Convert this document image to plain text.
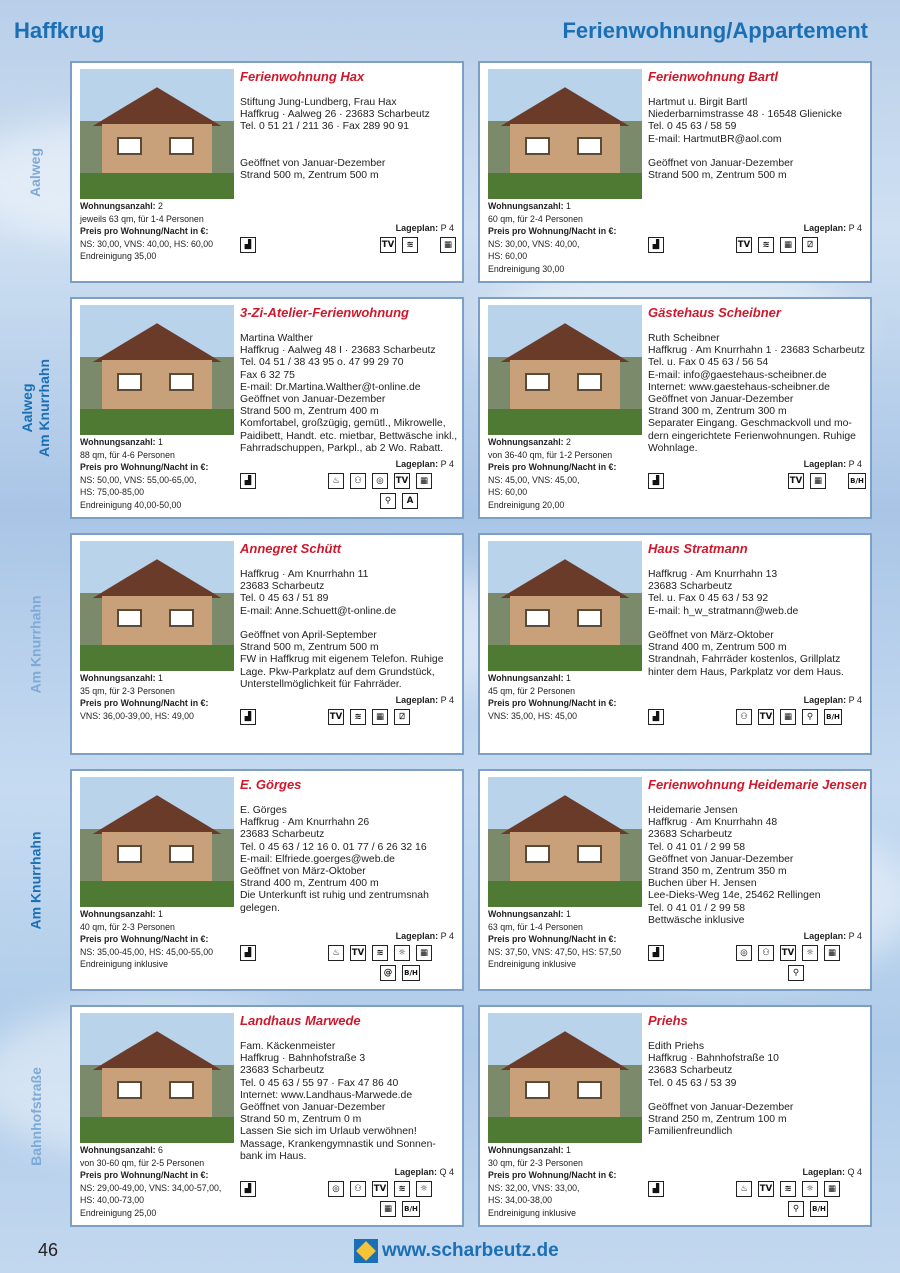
Haffkrug	Ferienwohnung/Appartement
Aalweg
Aalweg
Am Knurrhahn
Am Knurrhahn
Am Knurrhahn
Bahnhofstraße
Ferienwohnung Hax
Stiftung Jung-Lundberg, Frau Hax
Haffkrug · Aalweg 26 · 23683 Scharbeutz
Tel. 0 51 21 / 211 36 · Fax 289 90 91

Geöffnet von Januar-Dezember
Strand 500 m, Zentrum 500 m
Wohnungsanzahl: 2
jeweils 63 qm, für 1-4 Personen
Preis pro Wohnung/Nacht in €:
NS: 30,00, VNS: 40,00, HS: 60,00
Endreinigung 35,00
Lageplan: P 4
▟	TV	≋	▦
Ferienwohnung Bartl
Hartmut u. Birgit Bartl
Niederbarnimstrasse 48 · 16548 Glienicke
Tel. 0 45 63 / 58 59
E-mail: HartmutBR@aol.com

Geöffnet von Januar-Dezember
Strand 500 m, Zentrum 500 m
Wohnungsanzahl: 1
60 qm, für 2-4 Personen
Preis pro Wohnung/Nacht in €:
NS: 30,00, VNS: 40,00,
HS: 60,00
Endreinigung 30,00
Lageplan: P 4
▟	TV	≋	▦	⍁
3-Zi-Atelier-Ferienwohnung
Martina Walther
Haffkrug · Aalweg 48 I · 23683 Scharbeutz
Tel. 04 51 / 38 43 95 o. 47 99 29 70
Fax 6 32 75
E-mail: Dr.Martina.Walther@t-online.de
Geöffnet von Januar-Dezember
Strand 500 m, Zentrum 400 m
Komfortabel, großzügig, gemütl., Mikrowelle,
Paidibett, Handt. etc. mietbar, Bettwäsche inkl.,
Fahrradschuppen, Parkpl., ab 2 Wo. Rabatt.
Wohnungsanzahl: 1
88 qm, für 4-6 Personen
Preis pro Wohnung/Nacht in €:
NS: 50,00, VNS: 55,00-65,00,
HS: 75,00-85,00
Endreinigung 40,00-50,00
Lageplan: P 4
▟	♨	⚇	◎	TV	▦
⚲	A
Gästehaus Scheibner
Ruth Scheibner
Haffkrug · Am Knurrhahn 1 · 23683 Scharbeutz
Tel. u. Fax 0 45 63 / 56 54
E-mail: info@gaestehaus-scheibner.de
Internet: www.gaestehaus-scheibner.de
Geöffnet von Januar-Dezember
Strand 300 m, Zentrum 300 m
Separater Eingang. Geschmackvoll und mo-
dern eingerichtete Ferienwohnungen. Ruhige
Wohnlage.
Wohnungsanzahl: 2
von 36-40 qm, für 1-2 Personen
Preis pro Wohnung/Nacht in €:
NS: 45,00, VNS: 45,00,
HS: 60,00
Endreinigung 20,00
Lageplan: P 4
▟	TV	▦	B/H
Annegret Schütt
Haffkrug · Am Knurrhahn 11
23683 Scharbeutz
Tel. 0 45 63 / 51 89
E-mail: Anne.Schuett@t-online.de

Geöffnet von April-September
Strand 500 m, Zentrum 500 m
FW in Haffkrug mit eigenem Telefon. Ruhige
Lage. Pkw-Parkplatz auf dem Grundstück,
Unterstellmöglichkeit für Fahrräder.
Wohnungsanzahl: 1
35 qm, für 2-3 Personen
Preis pro Wohnung/Nacht in €:
VNS: 36,00-39,00, HS: 49,00
Lageplan: P 4
▟	TV	≋	▦	⍁
Haus Stratmann
Haffkrug · Am Knurrhahn 13
23683 Scharbeutz
Tel. u. Fax 0 45 63 / 53 92
E-mail: h_w_stratmann@web.de

Geöffnet von März-Oktober
Strand 400 m, Zentrum 500 m
Strandnah, Fahrräder kostenlos, Grillplatz
hinter dem Haus, Parkplatz vor dem Haus.
Wohnungsanzahl: 1
45 qm, für 2 Personen
Preis pro Wohnung/Nacht in €:
VNS: 35,00, HS: 45,00
Lageplan: P 4
▟	⚇	TV	▦	⚲	B/H
E. Görges
E. Görges
Haffkrug · Am Knurrhahn 26
23683 Scharbeutz
Tel. 0 45 63 / 12 16 0. 01 77 / 6 26 32 16
E-mail: Elfriede.goerges@web.de
Geöffnet von März-Oktober
Strand 400 m, Zentrum 400 m
Die Unterkunft ist ruhig und zentrumsnah
gelegen.
Wohnungsanzahl: 1
40 qm, für 2-3 Personen
Preis pro Wohnung/Nacht in €:
NS: 35,00-45,00, HS: 45,00-55,00
Endreinigung inklusive
Lageplan: P 4
▟	♨	TV	≋	☼	▦
@	B/H
Ferienwohnung Heidemarie Jensen
Heidemarie Jensen
Haffkrug · Am Knurrhahn 48
23683 Scharbeutz
Tel. 0 41 01 / 2 99 58
Geöffnet von Januar-Dezember
Strand 350 m, Zentrum 350 m
Buchen über H. Jensen
Lee-Dieks-Weg 14e, 25462 Rellingen
Tel. 0 41 01 / 2 99 58
Bettwäsche inklusive
Wohnungsanzahl: 1
63 qm, für 1-4 Personen
Preis pro Wohnung/Nacht in €:
NS: 37,50, VNS: 47,50, HS: 57,50
Endreinigung inklusive
Lageplan: P 4
▟	◎	⚇	TV	☼	▦
⚲
Landhaus Marwede
Fam. Käckenmeister
Haffkrug · Bahnhofstraße 3
23683 Scharbeutz
Tel. 0 45 63 / 55 97 · Fax 47 86 40
Internet: www.Landhaus-Marwede.de
Geöffnet von Januar-Dezember
Strand 50 m, Zentrum 0 m
Lassen Sie sich im Urlaub verwöhnen!
Massage, Krankengymnastik und Sonnen-
bank im Haus.
Wohnungsanzahl: 6
von 30-60 qm, für 2-5 Personen
Preis pro Wohnung/Nacht in €:
NS: 29,00-49,00, VNS: 34,00-57,00,
HS: 40,00-73,00
Endreinigung 25,00
Lageplan: Q 4
▟	◎	⚇	TV	≋	☼
▦	B/H
Priehs
Edith Priehs
Haffkrug · Bahnhofstraße 10
23683 Scharbeutz
Tel. 0 45 63 / 53 39

Geöffnet von Januar-Dezember
Strand 250 m, Zentrum 100 m
Familienfreundlich
Wohnungsanzahl: 1
30 qm, für 2-3 Personen
Preis pro Wohnung/Nacht in €:
NS: 32,00, VNS: 33,00,
HS: 34,00-38,00
Endreinigung inklusive
Lageplan: Q 4
▟	♨	TV	≋	☼	▦
⚲	B/H
46	www.scharbeutz.de
